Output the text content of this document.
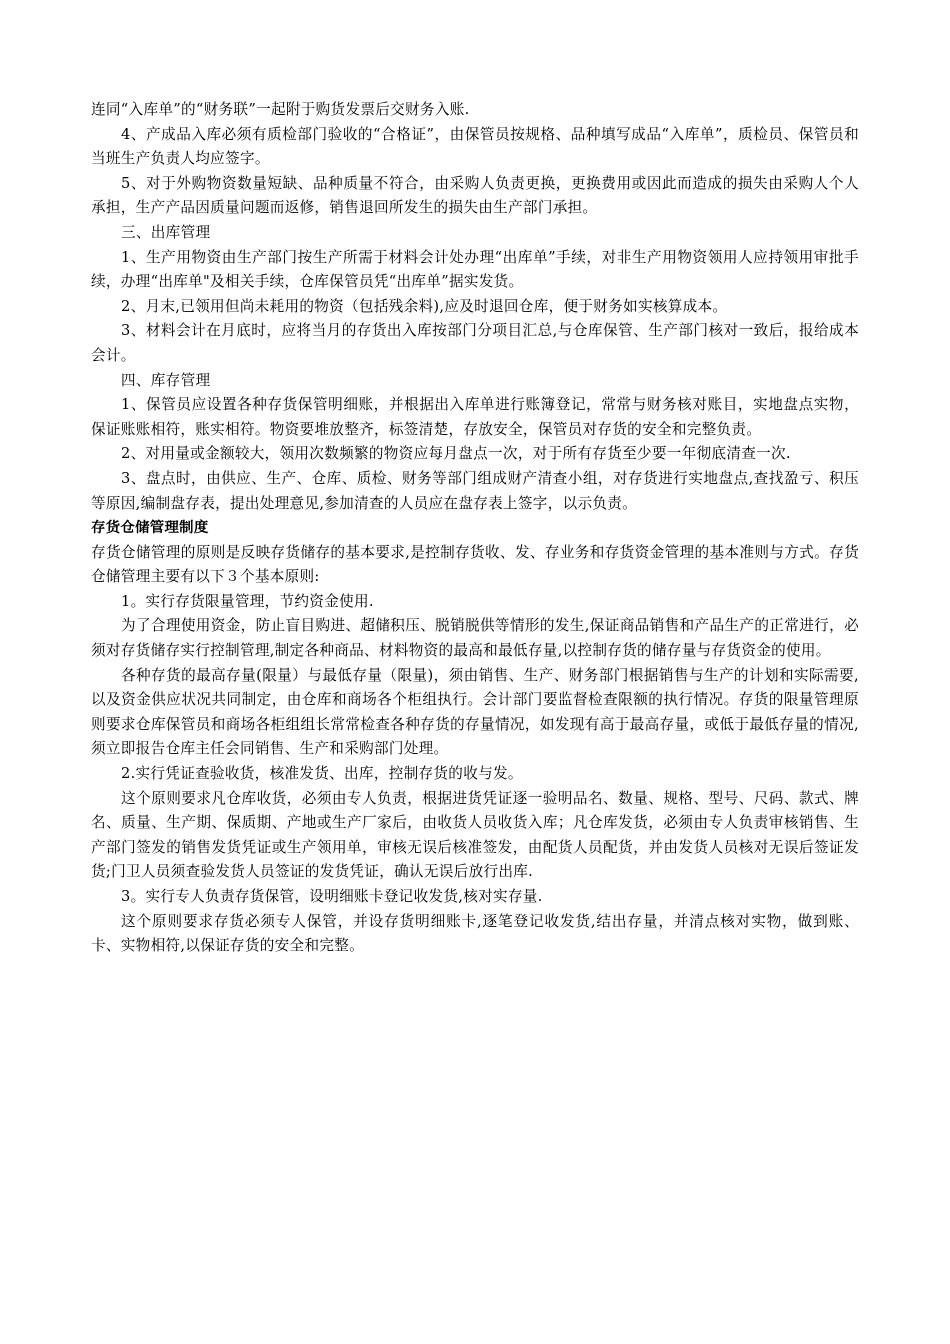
连同“入库单”的“财务联”一起附于购货发票后交财务入账.

4、产成品入库必须有质检部门验收的“合格证”，由保管员按规格、品种填写成品“入库单”，质检员、保管员和当班生产负责人均应签字。

5、对于外购物资数量短缺、品种质量不符合，由采购人负责更换，更换费用或因此而造成的损失由采购人个人承担，生产产品因质量问题而返修，销售退回所发生的损失由生产部门承担。

三、出库管理

1、生产用物资由生产部门按生产所需于材料会计处办理“出库单”手续，对非生产用物资领用人应持领用审批手续，办理“出库单"及相关手续，仓库保管员凭“出库单”据实发货。

2、月末,已领用但尚未耗用的物资（包括残余料),应及时退回仓库，便于财务如实核算成本。

3、材料会计在月底时，应将当月的存货出入库按部门分项目汇总,与仓库保管、生产部门核对一致后，报给成本会计。

四、库存管理

1、保管员应设置各种存货保管明细账，并根据出入库单进行账簿登记，常常与财务核对账目，实地盘点实物，保证账账相符，账实相符。物资要堆放整齐，标签清楚，存放安全，保管员对存货的安全和完整负责。

2、对用量或金额较大，领用次数频繁的物资应每月盘点一次，对于所有存货至少要一年彻底清查一次.

3、盘点时，由供应、生产、仓库、质检、财务等部门组成财产清查小组，对存货进行实地盘点,查找盈亏、积压等原因,编制盘存表，提出处理意见,参加清查的人员应在盘存表上签字，以示负责。

存货仓储管理制度

存货仓储管理的原则是反映存货储存的基本要求,是控制存货收、发、存业务和存货资金管理的基本准则与方式。存货仓储管理主要有以下３个基本原则:

1。实行存货限量管理，节约资金使用.

为了合理使用资金，防止盲目购进、超储积压、脱销脱供等情形的发生,保证商品销售和产品生产的正常进行，必须对存货储存实行控制管理,制定各种商品、材料物资的最高和最低存量,以控制存货的储存量与存货资金的使用。

各种存货的最高存量(限量）与最低存量（限量)，须由销售、生产、财务部门根据销售与生产的计划和实际需要,以及资金供应状况共同制定，由仓库和商场各个柜组执行。会计部门要监督检查限额的执行情况。存货的限量管理原则要求仓库保管员和商场各柜组组长常常检查各种存货的存量情况，如发现有高于最高存量，或低于最低存量的情况,须立即报告仓库主任会同销售、生产和采购部门处理。

2.实行凭证查验收货，核准发货、出库，控制存货的收与发。

这个原则要求凡仓库收货，必须由专人负责，根据进货凭证逐一验明品名、数量、规格、型号、尺码、款式、牌名、质量、生产期、保质期、产地或生产厂家后，由收货人员收货入库；凡仓库发货，必须由专人负责审核销售、生产部门签发的销售发货凭证或生产领用单，审核无误后核准签发，由配货人员配货，并由发货人员核对无误后签证发货;门卫人员须查验发货人员签证的发货凭证，确认无误后放行出库.

3。实行专人负责存货保管，设明细账卡登记收发货,核对实存量.

这个原则要求存货必须专人保管，并设存货明细账卡,逐笔登记收发货,结出存量，并清点核对实物，做到账、卡、实物相符,以保证存货的安全和完整。
